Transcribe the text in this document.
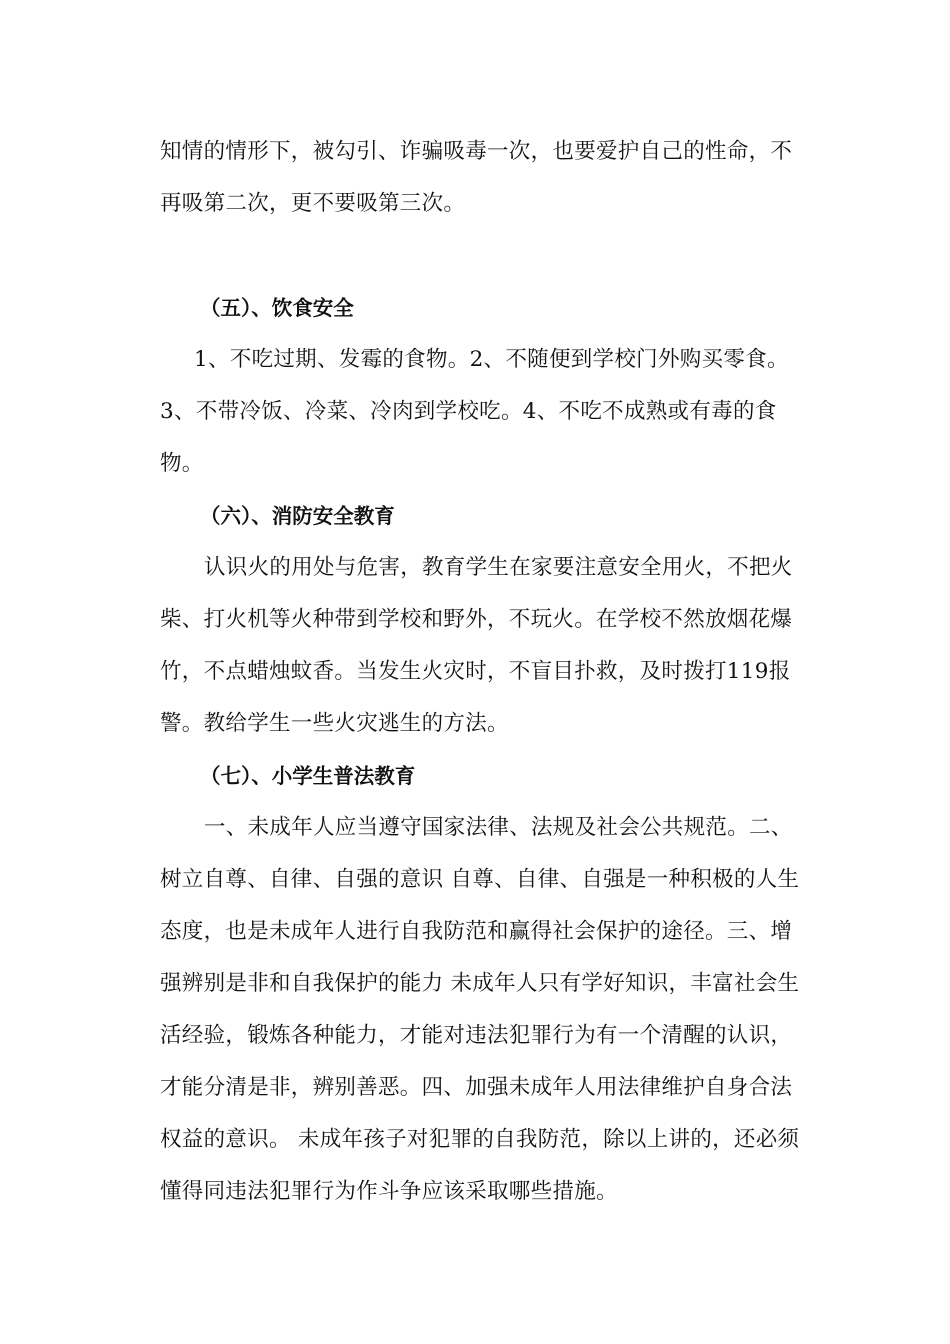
知情的情形下，被勾引、诈骗吸毒一次，也要爱护自己的性命，不再吸第二次，更不要吸第三次。

（五）、饮食安全

1、不吃过期、发霉的食物。2、不随便到学校门外购买零食。3、不带冷饭、冷菜、冷肉到学校吃。4、不吃不成熟或有毒的食物。

（六）、消防安全教育

认识火的用处与危害，教育学生在家要注意安全用火，不把火柴、打火机等火种带到学校和野外，不玩火。在学校不然放烟花爆竹，不点蜡烛蚊香。当发生火灾时，不盲目扑救，及时拨打119报警。教给学生一些火灾逃生的方法。

（七）、小学生普法教育

一、未成年人应当遵守国家法律、法规及社会公共规范。二、树立自尊、自律、自强的意识 自尊、自律、自强是一种积极的人生态度，也是未成年人进行自我防范和赢得社会保护的途径。三、增强辨别是非和自我保护的能力 未成年人只有学好知识，丰富社会生活经验，锻炼各种能力，才能对违法犯罪行为有一个清醒的认识，才能分清是非，辨别善恶。四、加强未成年人用法律维护自身合法权益的意识。 未成年孩子对犯罪的自我防范，除以上讲的，还必须懂得同违法犯罪行为作斗争应该采取哪些措施。
